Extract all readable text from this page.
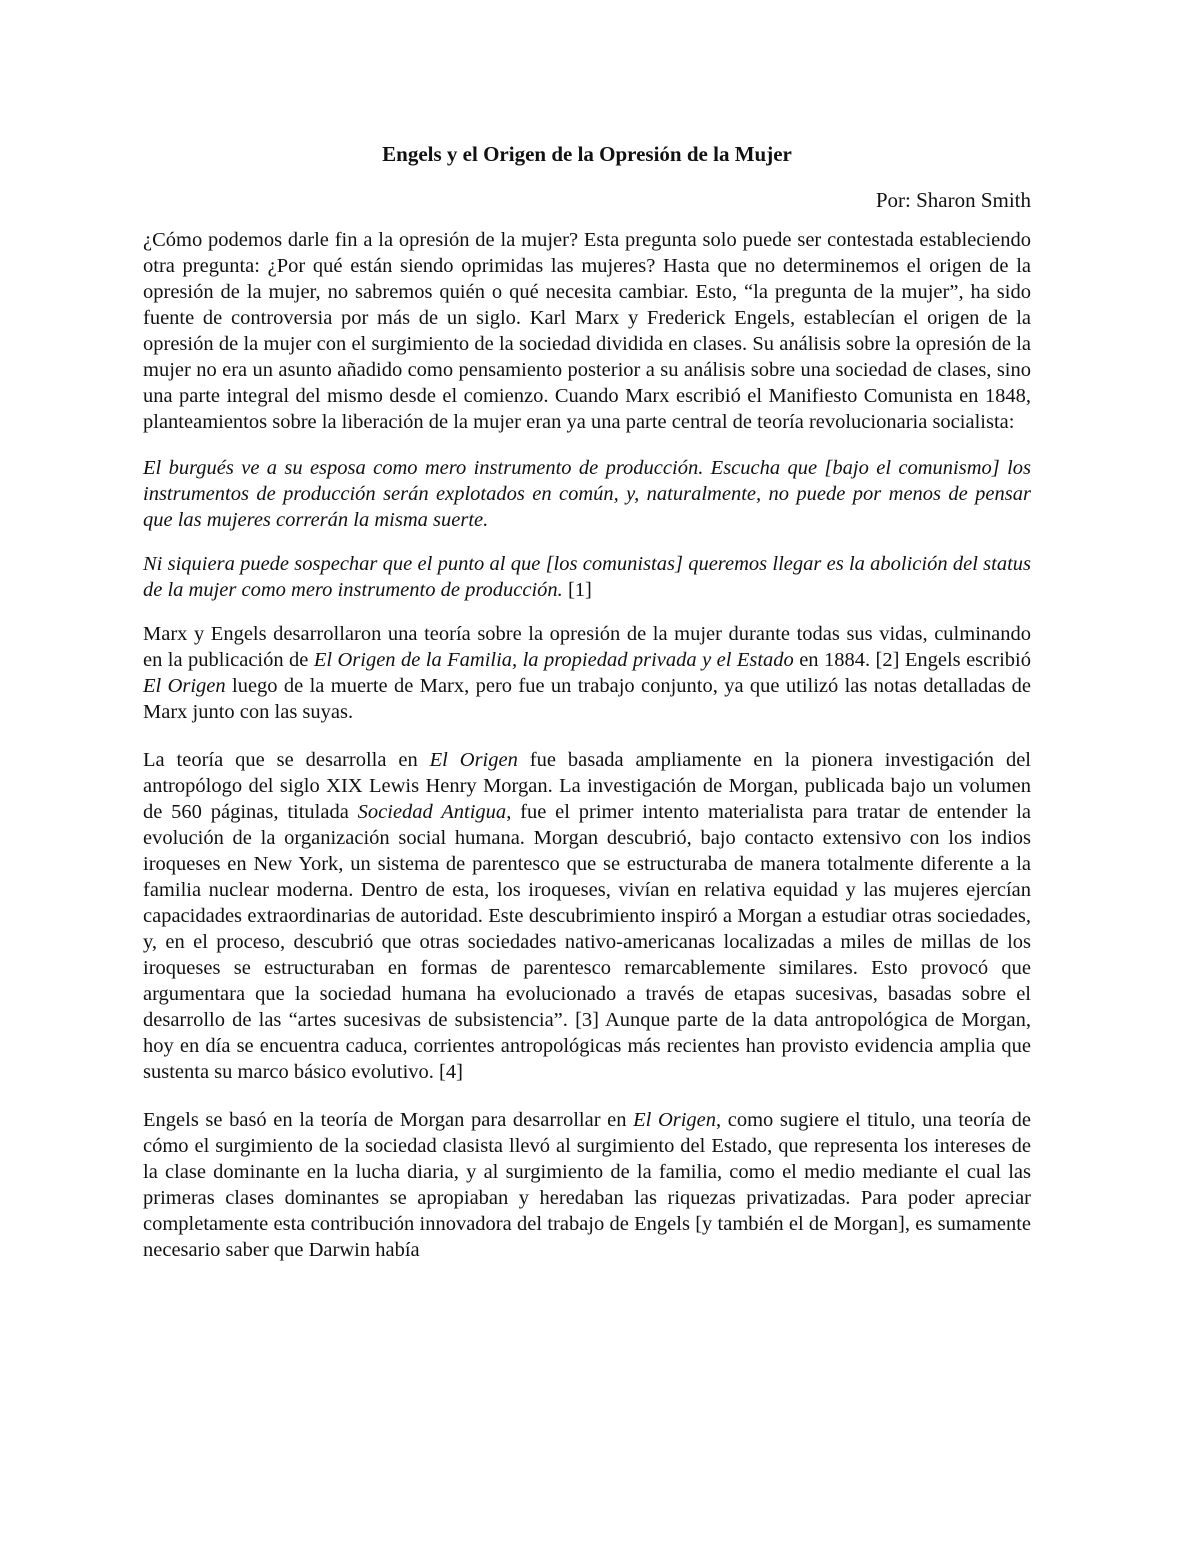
Engels y el Origen de la Opresión de la Mujer
Por: Sharon Smith

¿Cómo podemos darle fin a la opresión de la mujer? Esta pregunta solo puede ser contestada estableciendo otra pregunta: ¿Por qué están siendo oprimidas las mujeres? Hasta que no determinemos el origen de la opresión de la mujer, no sabremos quién o qué necesita cambiar. Esto, “la pregunta de la mujer”, ha sido fuente de controversia por más de un siglo. Karl Marx y Frederick Engels, establecían el origen de la opresión de la mujer con el surgimiento de la sociedad dividida en clases. Su análisis sobre la opresión de la mujer no era un asunto añadido como pensamiento posterior a su análisis sobre una sociedad de clases, sino una parte integral del mismo desde el comienzo. Cuando Marx escribió el Manifiesto Comunista en 1848, planteamientos sobre la liberación de la mujer eran ya una parte central de teoría revolucionaria socialista:

El burgués ve a su esposa como mero instrumento de producción. Escucha que [bajo el comunismo] los instrumentos de producción serán explotados en común, y, naturalmente, no puede por menos de pensar que las mujeres correrán la misma suerte.

Ni siquiera puede sospechar que el punto al que [los comunistas] queremos llegar es la abolición del status de la mujer como mero instrumento de producción. [1]

Marx y Engels desarrollaron una teoría sobre la opresión de la mujer durante todas sus vidas, culminando en la publicación de El Origen de la Familia, la propiedad privada y el Estado en 1884. [2] Engels escribió El Origen luego de la muerte de Marx, pero fue un trabajo conjunto, ya que utilizó las notas detalladas de Marx junto con las suyas.

La teoría que se desarrolla en El Origen fue basada ampliamente en la pionera investigación del antropólogo del siglo XIX Lewis Henry Morgan. La investigación de Morgan, publicada bajo un volumen de 560 páginas, titulada Sociedad Antigua, fue el primer intento materialista para tratar de entender la evolución de la organización social humana. Morgan descubrió, bajo contacto extensivo con los indios iroqueses en New York, un sistema de parentesco que se estructuraba de manera totalmente diferente a la familia nuclear moderna. Dentro de esta, los iroqueses, vivían en relativa equidad y las mujeres ejercían capacidades extraordinarias de autoridad. Este descubrimiento inspiró a Morgan a estudiar otras sociedades, y, en el proceso, descubrió que otras sociedades nativo-americanas localizadas a miles de millas de los iroqueses se estructuraban en formas de parentesco remarcablemente similares. Esto provocó que argumentara que la sociedad humana ha evolucionado a través de etapas sucesivas, basadas sobre el desarrollo de las “artes sucesivas de subsistencia”. [3] Aunque parte de la data antropológica de Morgan, hoy en día se encuentra caduca, corrientes antropológicas más recientes han provisto evidencia amplia que sustenta su marco básico evolutivo. [4]

Engels se basó en la teoría de Morgan para desarrollar en El Origen, como sugiere el titulo, una teoría de cómo el surgimiento de la sociedad clasista llevó al surgimiento del Estado, que representa los intereses de la clase dominante en la lucha diaria, y al surgimiento de la familia, como el medio mediante el cual las primeras clases dominantes se apropiaban y heredaban las riquezas privatizadas. Para poder apreciar completamente esta contribución innovadora del trabajo de Engels [y también el de Morgan], es sumamente necesario saber que Darwin había
